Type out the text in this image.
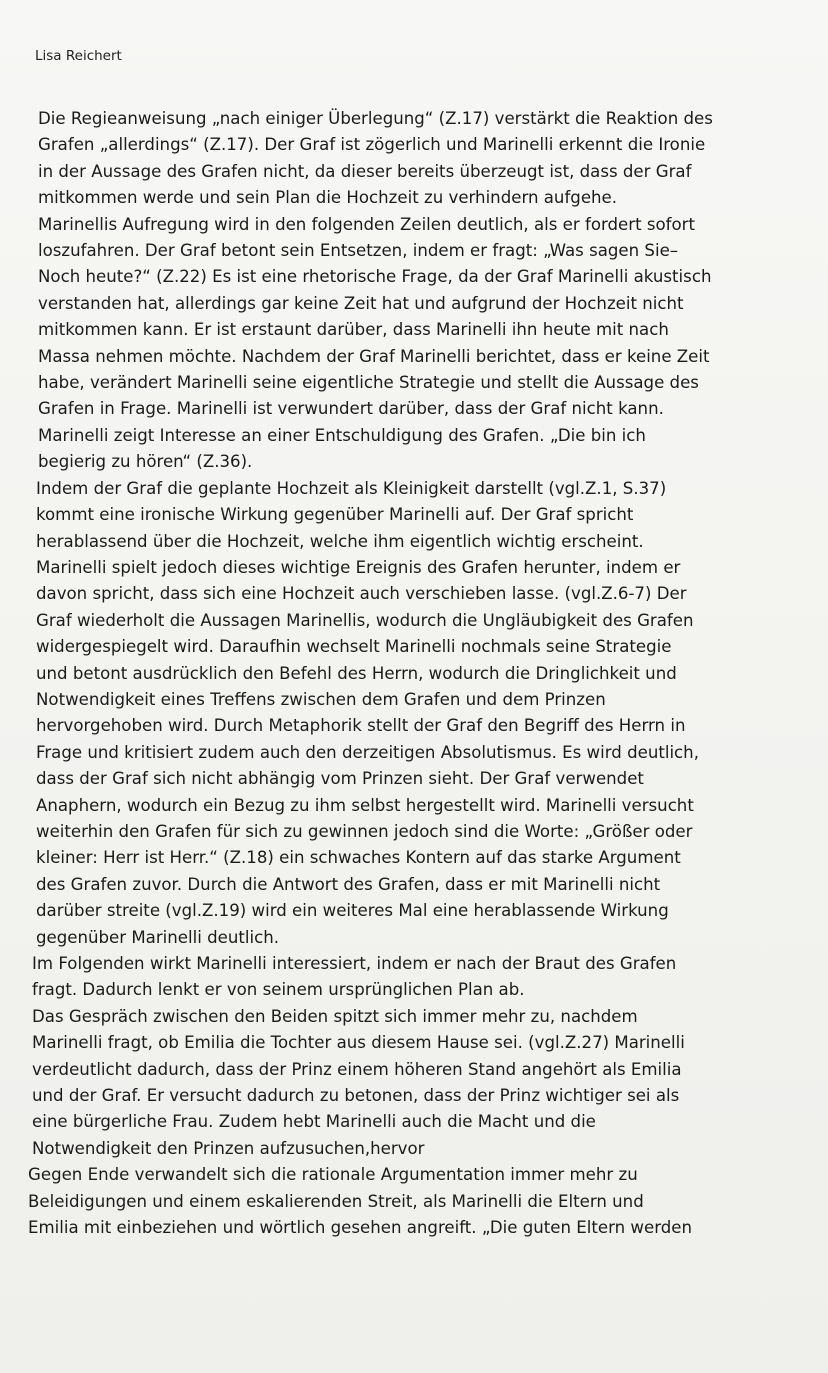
Lisa Reichert
Die Regieanweisung „nach einiger Überlegung“ (Z.17) verstärkt die Reaktion des
Grafen „allerdings“ (Z.17). Der Graf ist zögerlich und Marinelli erkennt die Ironie
in der Aussage des Grafen nicht, da dieser bereits überzeugt ist, dass der Graf
mitkommen werde und sein Plan die Hochzeit zu verhindern aufgehe.
Marinellis Aufregung wird in den folgenden Zeilen deutlich, als er fordert sofort
loszufahren. Der Graf betont sein Entsetzen, indem er fragt: „Was sagen Sie–
Noch heute?“ (Z.22) Es ist eine rhetorische Frage, da der Graf Marinelli akustisch
verstanden hat, allerdings gar keine Zeit hat und aufgrund der Hochzeit nicht
mitkommen kann. Er ist erstaunt darüber, dass Marinelli ihn heute mit nach
Massa nehmen möchte. Nachdem der Graf Marinelli berichtet, dass er keine Zeit
habe, verändert Marinelli seine eigentliche Strategie und stellt die Aussage des
Grafen in Frage. Marinelli ist verwundert darüber, dass der Graf nicht kann.
Marinelli zeigt Interesse an einer Entschuldigung des Grafen. „Die bin ich
begierig zu hören“ (Z.36).
Indem der Graf die geplante Hochzeit als Kleinigkeit darstellt (vgl.Z.1, S.37)
kommt eine ironische Wirkung gegenüber Marinelli auf. Der Graf spricht
herablassend über die Hochzeit, welche ihm eigentlich wichtig erscheint.
Marinelli spielt jedoch dieses wichtige Ereignis des Grafen herunter, indem er
davon spricht, dass sich eine Hochzeit auch verschieben lasse. (vgl.Z.6-7) Der
Graf wiederholt die Aussagen Marinellis, wodurch die Ungläubigkeit des Grafen
widergespiegelt wird. Daraufhin wechselt Marinelli nochmals seine Strategie
und betont ausdrücklich den Befehl des Herrn, wodurch die Dringlichkeit und
Notwendigkeit eines Treffens zwischen dem Grafen und dem Prinzen
hervorgehoben wird. Durch Metaphorik stellt der Graf den Begriff des Herrn in
Frage und kritisiert zudem auch den derzeitigen Absolutismus. Es wird deutlich,
dass der Graf sich nicht abhängig vom Prinzen sieht. Der Graf verwendet
Anaphern, wodurch ein Bezug zu ihm selbst hergestellt wird. Marinelli versucht
weiterhin den Grafen für sich zu gewinnen jedoch sind die Worte: „Größer oder
kleiner: Herr ist Herr.“ (Z.18) ein schwaches Kontern auf das starke Argument
des Grafen zuvor. Durch die Antwort des Grafen, dass er mit Marinelli nicht
darüber streite (vgl.Z.19) wird ein weiteres Mal eine herablassende Wirkung
gegenüber Marinelli deutlich.
Im Folgenden wirkt Marinelli interessiert, indem er nach der Braut des Grafen
fragt. Dadurch lenkt er von seinem ursprünglichen Plan ab.
Das Gespräch zwischen den Beiden spitzt sich immer mehr zu, nachdem
Marinelli fragt, ob Emilia die Tochter aus diesem Hause sei. (vgl.Z.27) Marinelli
verdeutlicht dadurch, dass der Prinz einem höheren Stand angehört als Emilia
und der Graf. Er versucht dadurch zu betonen, dass der Prinz wichtiger sei als
eine bürgerliche Frau. Zudem hebt Marinelli auch die Macht und die
Notwendigkeit den Prinzen aufzusuchen,hervor
Gegen Ende verwandelt sich die rationale Argumentation immer mehr zu
Beleidigungen und einem eskalierenden Streit, als Marinelli die Eltern und
Emilia mit einbeziehen und wörtlich gesehen angreift. „Die guten Eltern werden
